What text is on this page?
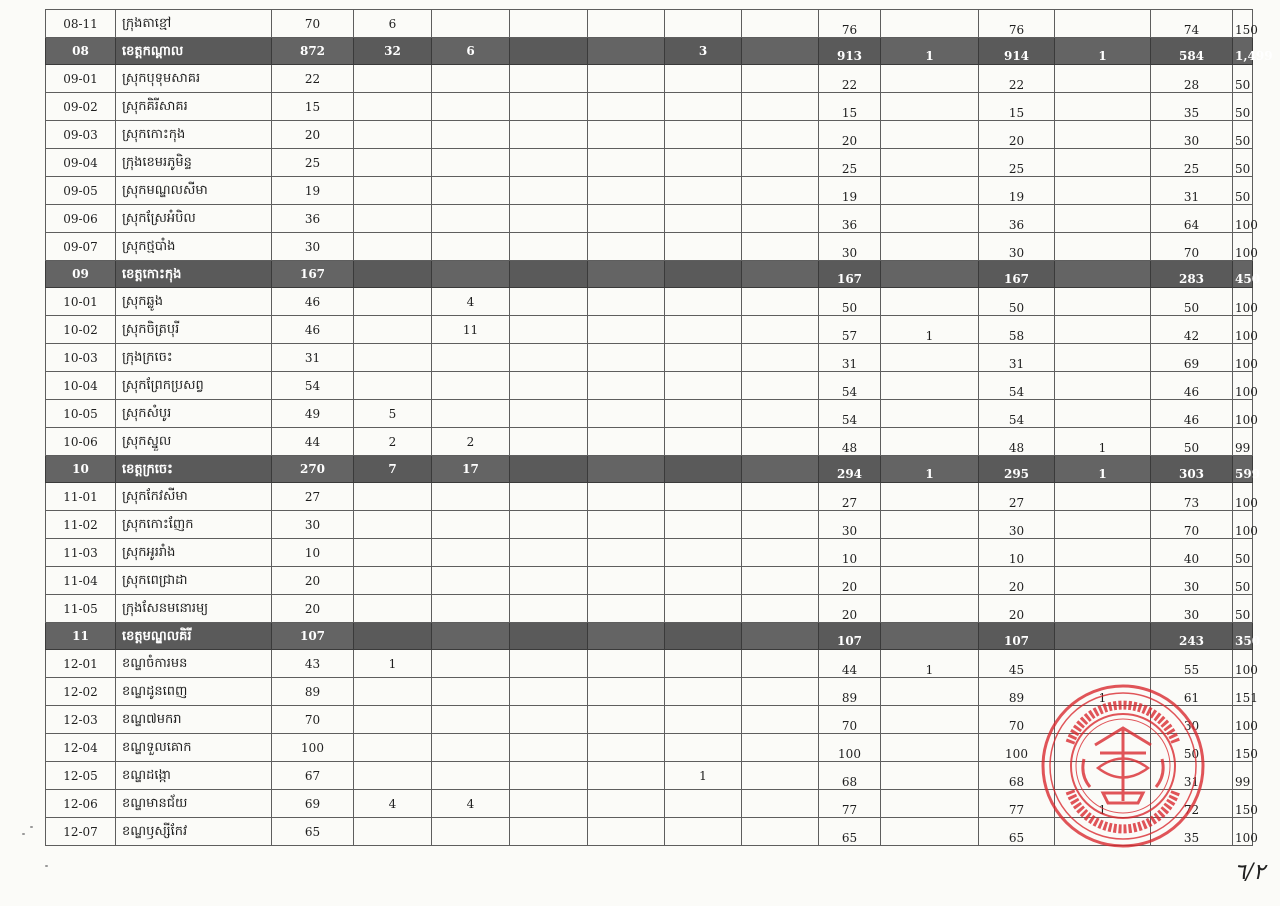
08-11	ក្រុងតាខ្មៅ	70	6						76		76		74	150
08	ខេត្តកណ្តាល	872	32	6			3		913	1	914	1	584	1,499
09-01	ស្រុកបុទុមសាគរ	22							22		22		28	50
09-02	ស្រុកគិរីសាគរ	15							15		15		35	50
09-03	ស្រុកកោះកុង	20							20		20		30	50
09-04	ក្រុងខេមរភូមិន្ទ	25							25		25		25	50
09-05	ស្រុកមណ្ឌលសីមា	19							19		19		31	50
09-06	ស្រុកស្រែអំបិល	36							36		36		64	100
09-07	ស្រុកថ្មបាំង	30							30		30		70	100
09	ខេត្តកោះកុង	167							167		167		283	450
10-01	ស្រុកឆ្លូង	46		4					50		50		50	100
10-02	ស្រុកចិត្របុរី	46		11					57	1	58		42	100
10-03	ក្រុងក្រចេះ	31							31		31		69	100
10-04	ស្រុកព្រែកប្រសព្វ	54							54		54		46	100
10-05	ស្រុកសំបូរ	49	5						54		54		46	100
10-06	ស្រុកស្នួល	44	2	2					48		48	1	50	99
10	ខេត្តក្រចេះ	270	7	17					294	1	295	1	303	599
11-01	ស្រុកកែវសីមា	27							27		27		73	100
11-02	ស្រុកកោះញែក	30							30		30		70	100
11-03	ស្រុកអូររាំង	10							10		10		40	50
11-04	ស្រុកពេជ្រាដា	20							20		20		30	50
11-05	ក្រុងសែនមនោរម្យ	20							20		20		30	50
11	ខេត្តមណ្ឌលគិរី	107							107		107		243	350
12-01	ខណ្ឌចំការមន	43	1						44	1	45		55	100
12-02	ខណ្ឌដូនពេញ	89							89		89	1	61	151
12-03	ខណ្ឌ៧មករា	70							70		70		30	100
12-04	ខណ្ឌទួលគោក	100							100		100		50	150
12-05	ខណ្ឌដង្កោ	67					1		68		68		31	99
12-06	ខណ្ឌមានជ័យ	69	4	4					77		77	1	72	150
12-07	ខណ្ឌឫស្សីកែវ	65							65		65		35	100
٦/٢
